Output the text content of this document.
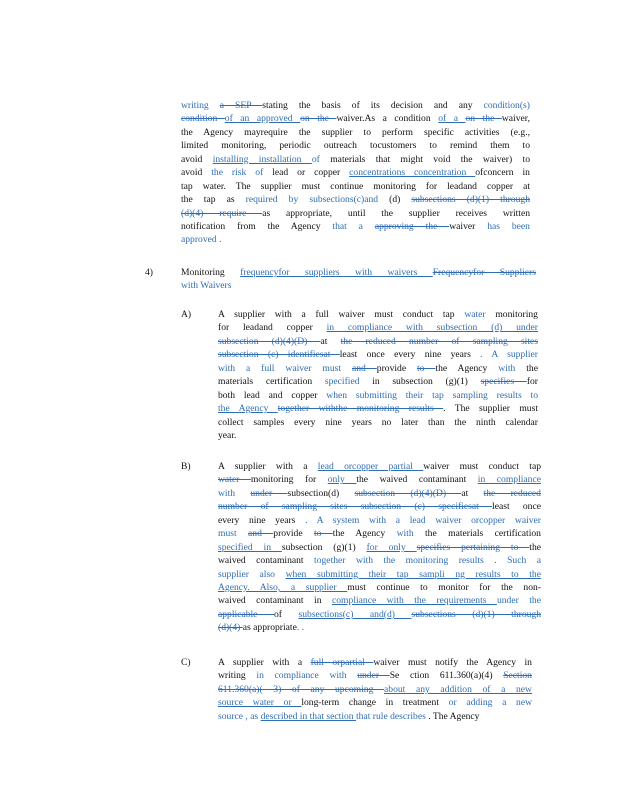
writing a SEP stating the basis of its decision and any condition(s)
condition of an approved on the waiver.As a condition of a on the waiver,
the Agency mayrequire the supplier to perform specific activities (e.g.,
limited monitoring, periodic outreach tocustomers to remind them to
avoid installing installation of materials that might void the waiver) to
avoid the risk of lead or copper concentrations concentration ofconcern in
tap water. The supplier must continue monitoring for leadand copper at
the tap as required by subsections(c)and (d) subsections (d)(1) through
(d)(4) require as appropriate, until the supplier receives written
notification from the Agency that a approving the waiver has been
approved .
4)	Monitoring frequencyfor suppliers with waivers Frequencyfor Suppliers
with Waivers
A)	A supplier with a full waiver must conduct tap water monitoring
for leadand copper in compliance with subsection (d) under
subsection (d)(4)(D) at the reduced number of sampling sites
subsection (c) identifiesat least once every nine years . A supplier
with a full waiver must and provide to the Agency with the
materials certification specified in subsection (g)(1) specifies for
both lead and copper when submitting their tap sampling results to
the Agency together withthe monitoring results . The supplier must
collect samples every nine years no later than the ninth calendar
year.
B)	A supplier with a lead orcopper partial waiver must conduct tap
water monitoring for only the waived contaminant in compliance
with under subsection(d) subsection (d)(4)(D) at the reduced
number of sampling sites subsection (c) specifiesat least once
every nine years . A system with a lead waiver orcopper waiver
must and provide to the Agency with the materials certification
specified in subsection (g)(1) for only specifies pertaining to the
waived contaminant together with the monitoring results . Such a
supplier also when submitting their tap sampli ng results to the
Agency. Also, a supplier must continue to monitor for the non-
waived contaminant in compliance with the requirements under the
applicable of subsections(c) and(d) subsections (d)(1) through
(d)(4) as appropriate. .
C)	A supplier with a full orpartial waiver must notify the Agency in
writing in compliance with under Se ction 611.360(a)(4) Section
611.360(a)( 3) of any upcoming about any addition of a new
source water or long-term change in treatment or adding a new
source , as described in that section that rule describes . The Agency
